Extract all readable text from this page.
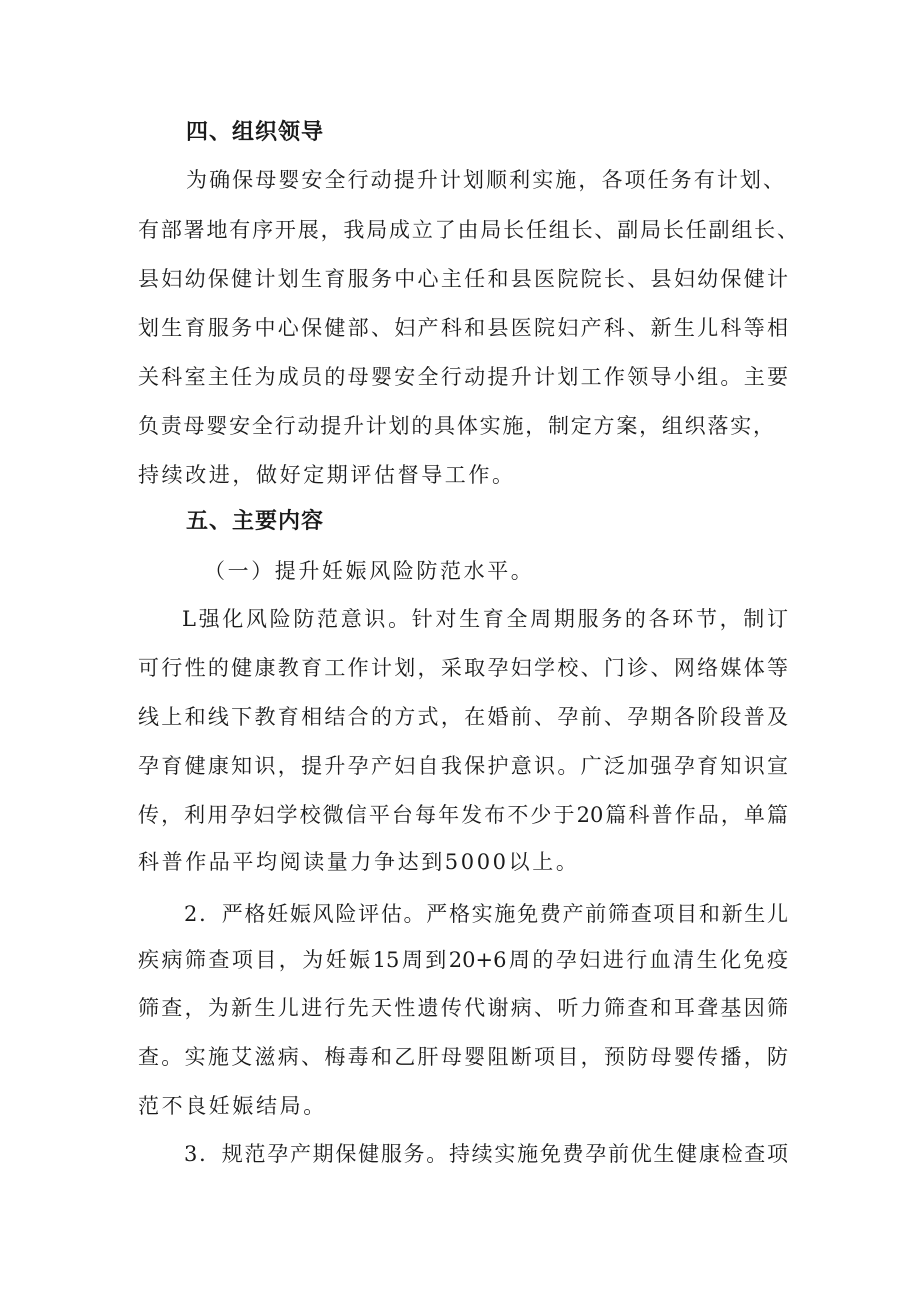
四、组织领导
为确保母婴安全行动提升计划顺利实施，各项任务有计划、
有部署地有序开展，我局成立了由局长任组长、副局长任副组长、
县妇幼保健计划生育服务中心主任和县医院院长、县妇幼保健计
划生育服务中心保健部、妇产科和县医院妇产科、新生儿科等相
关科室主任为成员的母婴安全行动提升计划工作领导小组。主要
负责母婴安全行动提升计划的具体实施，制定方案，组织落实，
持续改进，做好定期评估督导工作。
五、主要内容
（一）提升妊娠风险防范水平。
L强化风险防范意识。针对生育全周期服务的各环节，制订
可行性的健康教育工作计划，采取孕妇学校、门诊、网络媒体等
线上和线下教育相结合的方式，在婚前、孕前、孕期各阶段普及
孕育健康知识，提升孕产妇自我保护意识。广泛加强孕育知识宣
传，利用孕妇学校微信平台每年发布不少于20篇科普作品，单篇
科普作品平均阅读量力争达到5000以上。
2．严格妊娠风险评估。严格实施免费产前筛查项目和新生儿
疾病筛查项目，为妊娠15周到20+6周的孕妇进行血清生化免疫
筛查，为新生儿进行先天性遗传代谢病、听力筛查和耳聋基因筛
查。实施艾滋病、梅毒和乙肝母婴阻断项目，预防母婴传播，防
范不良妊娠结局。
3．规范孕产期保健服务。持续实施免费孕前优生健康检查项
